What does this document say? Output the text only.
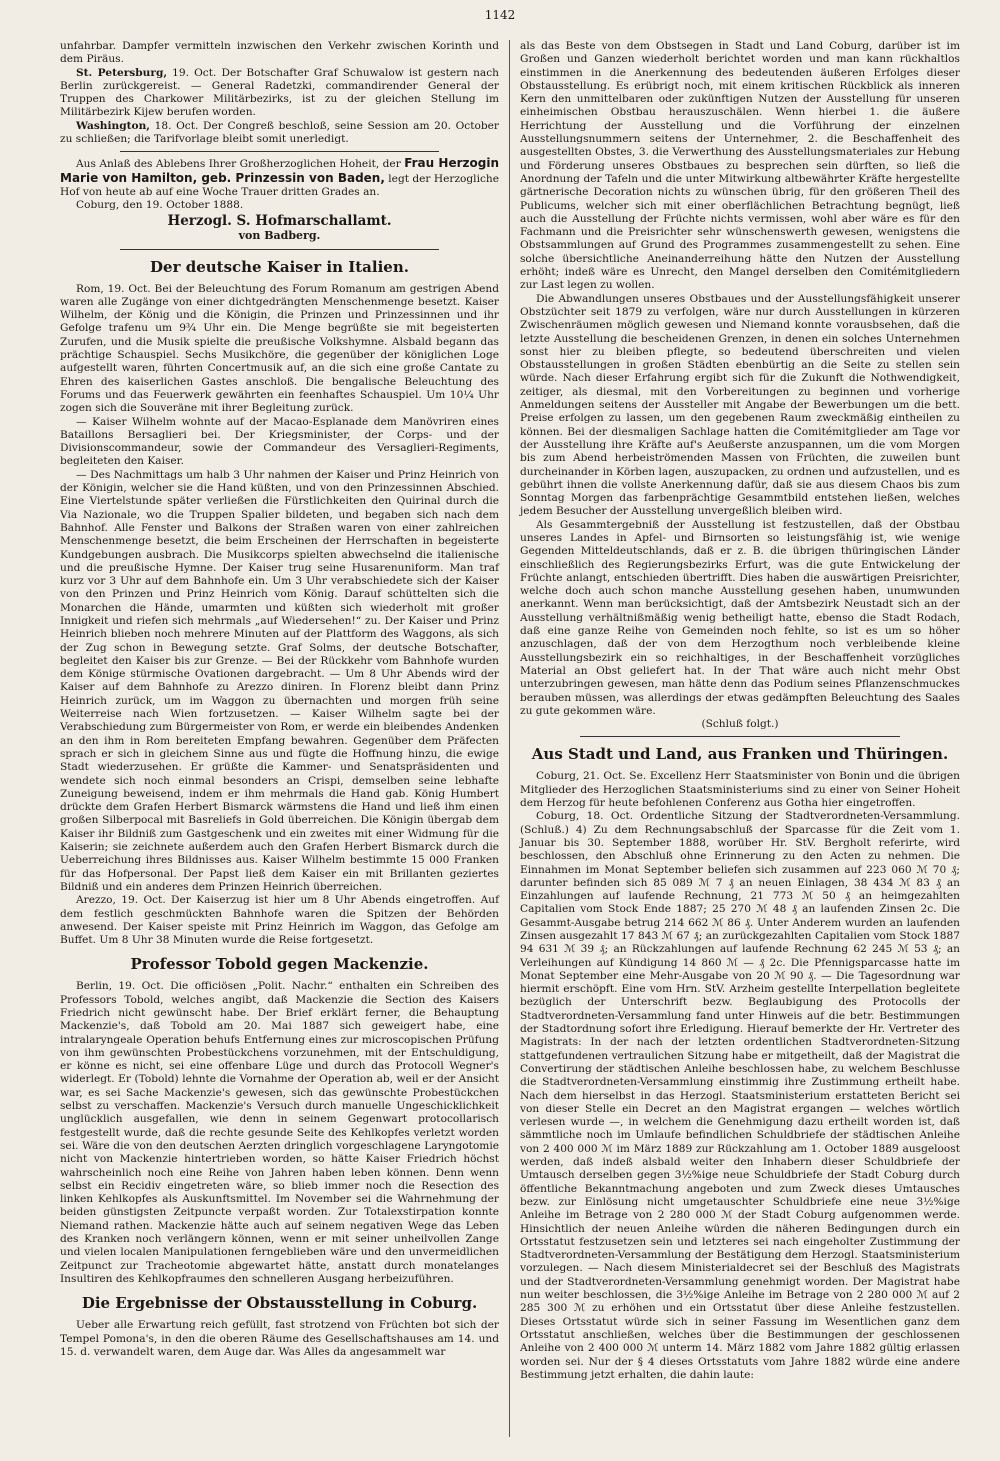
1142

unfahrbar. Dampfer vermitteln inzwischen den Verkehr zwischen Korinth und dem Piräus.

St. Petersburg, 19. Oct. Der Botschafter Graf Schuwalow ist gestern nach Berlin zurückgereist. — General Radetzki, commandirender General der Truppen des Charkower Militärbezirks, ist zu der gleichen Stellung im Militärbezirk Kijew berufen worden.

Washington, 18. Oct. Der Congreß beschloß, seine Session am 20. October zu schließen; die Tarifvorlage bleibt somit unerledigt.

Aus Anlaß des Ablebens Ihrer Großherzoglichen Hoheit, der Frau Herzogin Marie von Hamilton, geb. Prinzessin von Baden, legt der Herzogliche Hof von heute ab auf eine Woche Trauer dritten Grades an.

Coburg, den 19. October 1888.

Herzogl. S. Hofmarschallamt.
von Badberg.
Der deutsche Kaiser in Italien.

Rom, 19. Oct. Bei der Beleuchtung des Forum Romanum am gestrigen Abend waren alle Zugänge von einer dichtgedrängten Menschenmenge besetzt. Kaiser Wilhelm, der König und die Königin, die Prinzen und Prinzessinnen und ihr Gefolge trafenu um 9¾ Uhr ein. Die Menge begrüßte sie mit begeisterten Zurufen, und die Musik spielte die preußische Volkshymne. Alsbald begann das prächtige Schauspiel. Sechs Musikchöre, die gegenüber der königlichen Loge aufgestellt waren, führten Concertmusik auf, an die sich eine große Cantate zu Ehren des kaiserlichen Gastes anschloß. Die bengalische Beleuchtung des Forums und das Feuerwerk gewährten ein feenhaftes Schauspiel. Um 10¼ Uhr zogen sich die Souveräne mit ihrer Begleitung zurück.

— Kaiser Wilhelm wohnte auf der Macao-Esplanade dem Manövriren eines Bataillons Bersaglieri bei. Der Kriegsminister, der Corps- und der Divisionscommandeur, sowie der Commandeur des Versaglieri-Regiments, begleiteten den Kaiser.

— Des Nachmittags um halb 3 Uhr nahmen der Kaiser und Prinz Heinrich von der Königin, welcher sie die Hand küßten, und von den Prinzessinnen Abschied. Eine Viertelstunde später verließen die Fürstlichkeiten den Quirinal durch die Via Nazionale, wo die Truppen Spalier bildeten, und begaben sich nach dem Bahnhof. Alle Fenster und Balkons der Straßen waren von einer zahlreichen Menschenmenge besetzt, die beim Erscheinen der Herrschaften in begeisterte Kundgebungen ausbrach. Die Musikcorps spielten abwechselnd die italienische und die preußische Hymne. Der Kaiser trug seine Husarenuniform. Man traf kurz vor 3 Uhr auf dem Bahnhofe ein. Um 3 Uhr verabschiedete sich der Kaiser von den Prinzen und Prinz Heinrich vom König. Darauf schüttelten sich die Monarchen die Hände, umarmten und küßten sich wiederholt mit großer Innigkeit und riefen sich mehrmals „auf Wiedersehen!“ zu. Der Kaiser und Prinz Heinrich blieben noch mehrere Minuten auf der Plattform des Waggons, als sich der Zug schon in Bewegung setzte. Graf Solms, der deutsche Botschafter, begleitet den Kaiser bis zur Grenze. — Bei der Rückkehr vom Bahnhofe wurden dem Könige stürmische Ovationen dargebracht. — Um 8 Uhr Abends wird der Kaiser auf dem Bahnhofe zu Arezzo diniren. In Florenz bleibt dann Prinz Heinrich zurück, um im Waggon zu übernachten und morgen früh seine Weiterreise nach Wien fortzusetzen. — Kaiser Wilhelm sagte bei der Verabschiedung zum Bürgermeister von Rom, er werde ein bleibendes Andenken an den ihm in Rom bereiteten Empfang bewahren. Gegenüber dem Präfecten sprach er sich in gleichem Sinne aus und fügte die Hoffnung hinzu, die ewige Stadt wiederzusehen. Er grüßte die Kammer- und Senatspräsidenten und wendete sich noch einmal besonders an Crispi, demselben seine lebhafte Zuneigung beweisend, indem er ihm mehrmals die Hand gab. König Humbert drückte dem Grafen Herbert Bismarck wärmstens die Hand und ließ ihm einen großen Silberpocal mit Basreliefs in Gold überreichen. Die Königin übergab dem Kaiser ihr Bildniß zum Gastgeschenk und ein zweites mit einer Widmung für die Kaiserin; sie zeichnete außerdem auch den Grafen Herbert Bismarck durch die Ueberreichung ihres Bildnisses aus. Kaiser Wilhelm bestimmte 15 000 Franken für das Hofpersonal. Der Papst ließ dem Kaiser ein mit Brillanten geziertes Bildniß und ein anderes dem Prinzen Heinrich überreichen.

Arezzo, 19. Oct. Der Kaiserzug ist hier um 8 Uhr Abends eingetroffen. Auf dem festlich geschmückten Bahnhofe waren die Spitzen der Behörden anwesend. Der Kaiser speiste mit Prinz Heinrich im Waggon, das Gefolge am Buffet. Um 8 Uhr 38 Minuten wurde die Reise fortgesetzt.

Professor Tobold gegen Mackenzie.

Berlin, 19. Oct. Die officiösen „Polit. Nachr.“ enthalten ein Schreiben des Professors Tobold, welches angibt, daß Mackenzie die Section des Kaisers Friedrich nicht gewünscht habe. Der Brief erklärt ferner, die Behauptung Mackenzie's, daß Tobold am 20. Mai 1887 sich geweigert habe, eine intralaryngeale Operation behufs Entfernung eines zur microscopischen Prüfung von ihm gewünschten Probestückchens vorzunehmen, mit der Entschuldigung, er könne es nicht, sei eine offenbare Lüge und durch das Protocoll Wegner's widerlegt. Er (Tobold) lehnte die Vornahme der Operation ab, weil er der Ansicht war, es sei Sache Mackenzie's gewesen, sich das gewünschte Probestückchen selbst zu verschaffen. Mackenzie's Versuch durch manuelle Ungeschicklichkeit unglücklich ausgefallen, wie denn in seinem Gegenwart protocollarisch festgestellt wurde, daß die rechte gesunde Seite des Kehlkopfes verletzt worden sei. Wäre die von den deutschen Aerzten dringlich vorgeschlagene Laryngotomie nicht von Mackenzie hintertrieben worden, so hätte Kaiser Friedrich höchst wahrscheinlich noch eine Reihe von Jahren haben leben können. Denn wenn selbst ein Recidiv eingetreten wäre, so blieb immer noch die Resection des linken Kehlkopfes als Auskunftsmittel. Im November sei die Wahrnehmung der beiden günstigsten Zeitpuncte verpaßt worden. Zur Totalexstirpation konnte Niemand rathen. Mackenzie hätte auch auf seinem negativen Wege das Leben des Kranken noch verlängern können, wenn er mit seiner unheilvollen Zange und vielen localen Manipulationen ferngeblieben wäre und den unvermeidlichen Zeitpunct zur Tracheotomie abgewartet hätte, anstatt durch monatelanges Insultiren des Kehlkopfraumes den schnelleren Ausgang herbeizuführen.

Die Ergebnisse der Obstausstellung in Coburg.

Ueber alle Erwartung reich gefüllt, fast strotzend von Früchten bot sich der Tempel Pomona's, in den die oberen Räume des Gesellschaftshauses am 14. und 15. d. verwandelt waren, dem Auge dar. Was Alles da angesammelt war

als das Beste von dem Obstsegen in Stadt und Land Coburg, darüber ist im Großen und Ganzen wiederholt berichtet worden und man kann rückhaltlos einstimmen in die Anerkennung des bedeutenden äußeren Erfolges dieser Obstausstellung. Es erübrigt noch, mit einem kritischen Rückblick als inneren Kern den unmittelbaren oder zukünftigen Nutzen der Ausstellung für unseren einheimischen Obstbau herauszuschälen. Wenn hierbei 1. die äußere Herrichtung der Ausstellung und die Vorführung der einzelnen Ausstellungsnummern seitens der Unternehmer, 2. die Beschaffenheit des ausgestellten Obstes, 3. die Verwerthung des Ausstellungsmateriales zur Hebung und Förderung unseres Obstbaues zu besprechen sein dürften, so ließ die Anordnung der Tafeln und die unter Mitwirkung altbewährter Kräfte hergestellte gärtnerische Decoration nichts zu wünschen übrig, für den größeren Theil des Publicums, welcher sich mit einer oberflächlichen Betrachtung begnügt, ließ auch die Ausstellung der Früchte nichts vermissen, wohl aber wäre es für den Fachmann und die Preisrichter sehr wünschenswerth gewesen, wenigstens die Obstsammlungen auf Grund des Programmes zusammengestellt zu sehen. Eine solche übersichtliche Aneinanderreihung hätte den Nutzen der Ausstellung erhöht; indeß wäre es Unrecht, den Mangel derselben den Comitémitgliedern zur Last legen zu wollen.

Die Abwandlungen unseres Obstbaues und der Ausstellungsfähigkeit unserer Obstzüchter seit 1879 zu verfolgen, wäre nur durch Ausstellungen in kürzeren Zwischenräumen möglich gewesen und Niemand konnte vorausbsehen, daß die letzte Ausstellung die bescheidenen Grenzen, in denen ein solches Unternehmen sonst hier zu bleiben pflegte, so bedeutend überschreiten und vielen Obstausstellungen in großen Städten ebenbürtig an die Seite zu stellen sein würde. Nach dieser Erfahrung ergibt sich für die Zukunft die Nothwendigkeit, zeitiger, als diesmal, mit den Vorbereitungen zu beginnen und vorherige Anmeldungen seitens der Aussteller mit Angabe der Bewerbungen um die bett. Preise erfolgen zu lassen, um den gegebenen Raum zweckmäßig eintheilen zu können. Bei der diesmaligen Sachlage hatten die Comitémitglieder am Tage vor der Ausstellung ihre Kräfte auf's Aeußerste anzuspannen, um die vom Morgen bis zum Abend herbeiströmenden Massen von Früchten, die zuweilen bunt durcheinander in Körben lagen, auszupacken, zu ordnen und aufzustellen, und es gebührt ihnen die vollste Anerkennung dafür, daß sie aus diesem Chaos bis zum Sonntag Morgen das farbenprächtige Gesammtbild entstehen ließen, welches jedem Besucher der Ausstellung unvergeßlich bleiben wird.

Als Gesammtergebniß der Ausstellung ist festzustellen, daß der Obstbau unseres Landes in Apfel- und Birnsorten so leistungsfähig ist, wie wenige Gegenden Mitteldeutschlands, daß er z. B. die übrigen thüringischen Länder einschließlich des Regierungsbezirks Erfurt, was die gute Entwickelung der Früchte anlangt, entschieden übertrifft. Dies haben die auswärtigen Preisrichter, welche doch auch schon manche Ausstellung gesehen haben, unumwunden anerkannt. Wenn man berücksichtigt, daß der Amtsbezirk Neustadt sich an der Ausstellung verhältnißmäßig wenig betheiligt hatte, ebenso die Stadt Rodach, daß eine ganze Reihe von Gemeinden noch fehlte, so ist es um so höher anzuschlagen, daß der von dem Herzogthum noch verbleibende kleine Ausstellungsbezirk ein so reichhaltiges, in der Beschaffenheit vorzügliches Material an Obst geliefert hat. In der That wäre auch nicht mehr Obst unterzubringen gewesen, man hätte denn das Podium seines Pflanzenschmuckes berauben müssen, was allerdings der etwas gedämpften Beleuchtung des Saales zu gute gekommen wäre.

(Schluß folgt.)

Aus Stadt und Land, aus Franken und Thüringen.

Coburg, 21. Oct. Se. Excellenz Herr Staatsminister von Bonin und die übrigen Mitglieder des Herzoglichen Staatsministeriums sind zu einer von Seiner Hoheit dem Herzog für heute befohlenen Conferenz aus Gotha hier eingetroffen.

Coburg, 18. Oct. Ordentliche Sitzung der Stadtverordneten-Versammlung. (Schluß.) 4) Zu dem Rechnungsabschluß der Sparcasse für die Zeit vom 1. Januar bis 30. September 1888, worüber Hr. StV. Bergholt referirte, wird beschlossen, den Abschluß ohne Erinnerung zu den Acten zu nehmen. Die Einnahmen im Monat September beliefen sich zusammen auf 223 060 ℳ 70 ₰; darunter befinden sich 85 089 ℳ 7 ₰ an neuen Einlagen, 38 434 ℳ 83 ₰ an Einzahlungen auf laufende Rechnung, 21 773 ℳ 50 ₰ an heimgezahlten Capitalien vom Stock Ende 1887; 25 270 ℳ 48 ₰ an laufenden Zinsen 2c. Die Gesammt-Ausgabe betrug 214 662 ℳ 86 ₰. Unter Anderem wurden an laufenden Zinsen ausgezahlt 17 843 ℳ 67 ₰; an zurückgezahlten Capitalien vom Stock 1887 94 631 ℳ 39 ₰; an Rückzahlungen auf laufende Rechnung 62 245 ℳ 53 ₰; an Verleihungen auf Kündigung 14 860 ℳ — ₰ 2c. Die Pfennigsparcasse hatte im Monat September eine Mehr-Ausgabe von 20 ℳ 90 ₰. — Die Tagesordnung war hiermit erschöpft. Eine vom Hrn. StV. Arzheim gestellte Interpellation begleitete bezüglich der Unterschrift bezw. Beglaubigung des Protocolls der Stadtverordneten-Versammlung fand unter Hinweis auf die betr. Bestimmungen der Stadtordnung sofort ihre Erledigung. Hierauf bemerkte der Hr. Vertreter des Magistrats: In der nach der letzten ordentlichen Stadtverordneten-Sitzung stattgefundenen vertraulichen Sitzung habe er mitgetheilt, daß der Magistrat die Convertirung der städtischen Anleihe beschlossen habe, zu welchem Beschlusse die Stadtverordneten-Versammlung einstimmig ihre Zustimmung ertheilt habe. Nach dem hierselbst in das Herzogl. Staatsministerium erstatteten Bericht sei von dieser Stelle ein Decret an den Magistrat ergangen — welches wörtlich verlesen wurde —, in welchem die Genehmigung dazu ertheilt worden ist, daß sämmtliche noch im Umlaufe befindlichen Schuldbriefe der städtischen Anleihe von 2 400 000 ℳ im März 1889 zur Rückzahlung am 1. October 1889 ausgeloost werden, daß indeß alsbald weiter den Inhabern dieser Schuldbriefe der Umtausch derselben gegen 3½%ige neue Schuldbriefe der Stadt Coburg durch öffentliche Bekanntmachung angeboten und zum Zweck dieses Umtausches bezw. zur Einlösung nicht umgetauschter Schuldbriefe eine neue 3½%ige Anleihe im Betrage von 2 280 000 ℳ der Stadt Coburg aufgenommen werde. Hinsichtlich der neuen Anleihe würden die näheren Bedingungen durch ein Ortsstatut festzusetzen sein und letzteres sei nach eingeholter Zustimmung der Stadtverordneten-Versammlung der Bestätigung dem Herzogl. Staatsministerium vorzulegen. — Nach diesem Ministerialdecret sei der Beschluß des Magistrats und der Stadtverordneten-Versammlung genehmigt worden. Der Magistrat habe nun weiter beschlossen, die 3½%ige Anleihe im Betrage von 2 280 000 ℳ auf 2 285 300 ℳ zu erhöhen und ein Ortsstatut über diese Anleihe festzustellen. Dieses Ortsstatut würde sich in seiner Fassung im Wesentlichen ganz dem Ortsstatut anschließen, welches über die Bestimmungen der geschlossenen Anleihe von 2 400 000 ℳ unterm 14. März 1882 vom Jahre 1882 gültig erlassen worden sei. Nur der § 4 dieses Ortsstatuts vom Jahre 1882 würde eine andere Bestimmung jetzt erhalten, die dahin laute:
